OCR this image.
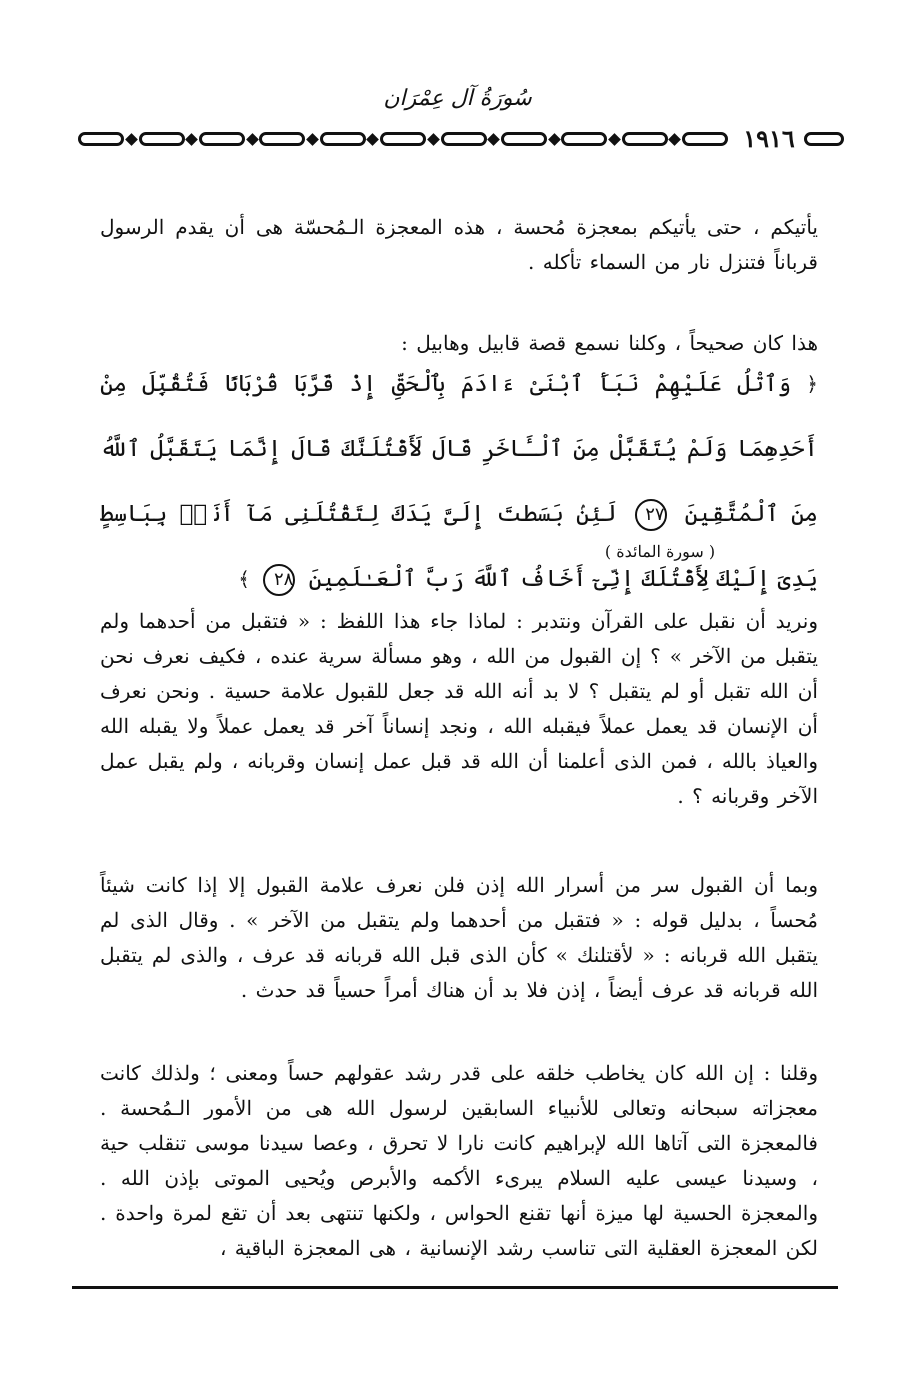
سُورَةُ آل عِمْرَان
١٩١٦

يأتيكم ، حتى يأتيكم بمعجزة مُحسة ، هذه المعجزة الـمُحسّة هى أن يقدم الرسول قرباناً فتنزل نار من السماء تأكله .

هذا كان صحيحاً ، وكلنا نسمع قصة قابيل وهابيل :

﴿ وَٱتْلُ عَلَيْهِمْ نَبَأَ ٱبْنَىْ ءَادَمَ بِٱلْحَقِّ إِذْ قَرَّبَا قُرْبَانًا فَتُقُبِّلَ مِنْ أَحَدِهِمَا وَلَمْ يُتَقَبَّلْ مِنَ ٱلْـَٔاخَرِ قَالَ لَأَقْتُلَنَّكَ قَالَ إِنَّمَا يَتَقَبَّلُ ٱللَّهُ مِنَ ٱلْمُتَّقِينَ ٢٧ لَئِنۢ بَسَطتَ إِلَىَّ يَدَكَ لِتَقْتُلَنِى مَآ أَنَا۠ بِبَاسِطٍ يَدِىَ إِلَيْكَ لِأَقْتُلَكَ إِنِّىٓ أَخَافُ ٱللَّهَ رَبَّ ٱلْعَـٰلَمِينَ ٢٨ ﴾
( سورة المائدة )

ونريد أن نقبل على القرآن ونتدبر : لماذا جاء هذا اللفظ : « فتقبل من أحدهما ولم يتقبل من الآخر » ؟ إن القبول من الله ، وهو مسألة سرية عنده ، فكيف نعرف نحن أن الله تقبل أو لم يتقبل ؟ لا بد أنه الله قد جعل للقبول علامة حسية . ونحن نعرف أن الإنسان قد يعمل عملاً فيقبله الله ، ونجد إنساناً آخر قد يعمل عملاً ولا يقبله الله والعياذ بالله ، فمن الذى أعلمنا أن الله قد قبل عمل إنسان وقربانه ، ولم يقبل عمل الآخر وقربانه ؟ .

وبما أن القبول سر من أسرار الله إذن فلن نعرف علامة القبول إلا إذا كانت شيئاً مُحساً ، بدليل قوله : « فتقبل من أحدهما ولم يتقبل من الآخر » . وقال الذى لم يتقبل الله قربانه : « لأقتلنك » كأن الذى قبل الله قربانه قد عرف ، والذى لم يتقبل الله قربانه قد عرف أيضاً ، إذن فلا بد أن هناك أمراً حسياً قد حدث .

وقلنا : إن الله كان يخاطب خلقه على قدر رشد عقولهم حساً ومعنى ؛ ولذلك كانت معجزاته سبحانه وتعالى للأنبياء السابقين لرسول الله هى من الأمور الـمُحسة . فالمعجزة التى آتاها الله لإبراهيم كانت نارا لا تحرق ، وعصا سيدنا موسى تنقلب حية ، وسيدنا عيسى عليه السلام يبرىء الأكمه والأبرص ويُحيى الموتى بإذن الله . والمعجزة الحسية لها ميزة أنها تقنع الحواس ، ولكنها تنتهى بعد أن تقع لمرة واحدة . لكن المعجزة العقلية التى تناسب رشد الإنسانية ، هى المعجزة الباقية ،
